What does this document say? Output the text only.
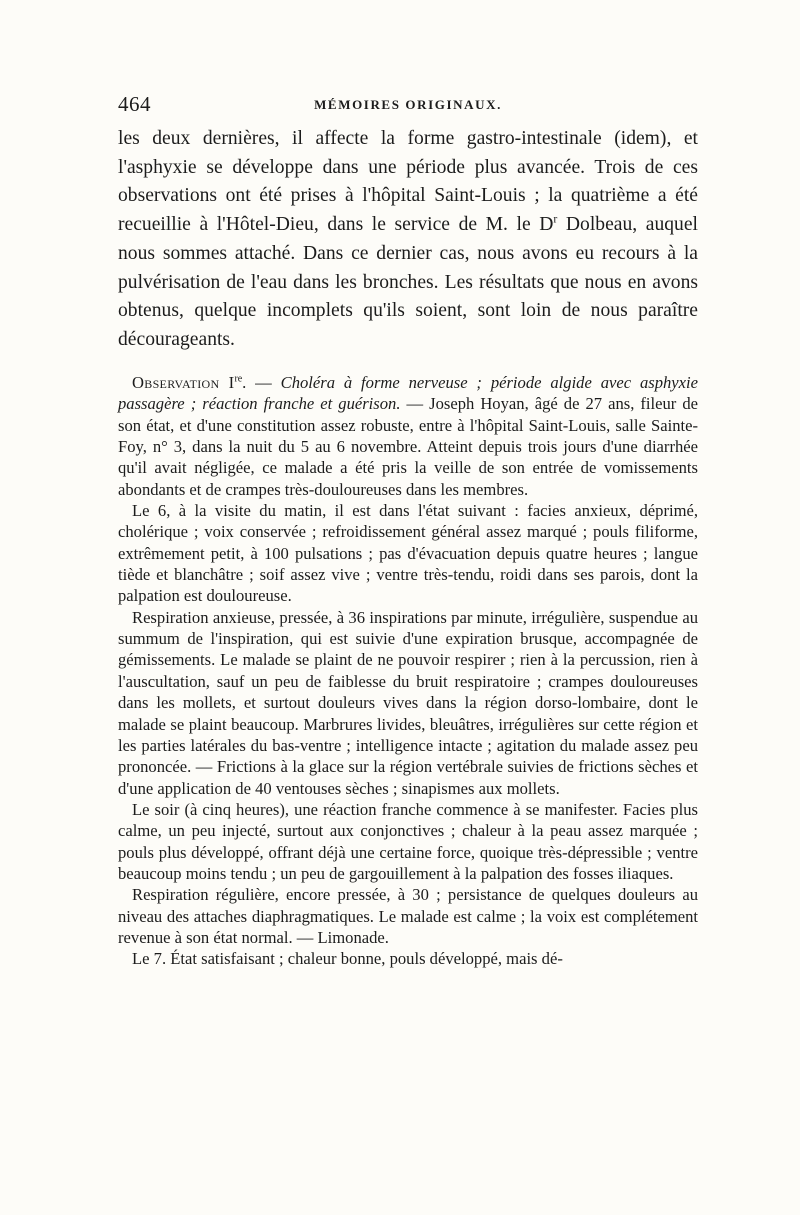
464	MÉMOIRES ORIGINAUX.

les deux dernières, il affecte la forme gastro-intestinale (idem), et l'asphyxie se développe dans une période plus avancée. Trois de ces observations ont été prises à l'hôpital Saint-Louis ; la quatrième a été recueillie à l'Hôtel-Dieu, dans le service de M. le $D^r$ Dolbeau, auquel nous sommes attaché. Dans ce dernier cas, nous avons eu recours à la pulvérisation de l'eau dans les bronches. Les résultats que nous en avons obtenus, quelque incomplets qu'ils soient, sont loin de nous paraître décourageants.

Observation Ire. — Choléra à forme nerveuse ; période algide avec asphyxie passagère ; réaction franche et guérison. — Joseph Hoyan, âgé de 27 ans, fileur de son état, et d'une constitution assez robuste, entre à l'hôpital Saint-Louis, salle Sainte-Foy, n° 3, dans la nuit du 5 au 6 novembre. Atteint depuis trois jours d'une diarrhée qu'il avait négligée, ce malade a été pris la veille de son entrée de vomissements abondants et de crampes très-douloureuses dans les membres.

Le 6, à la visite du matin, il est dans l'état suivant : facies anxieux, déprimé, cholérique ; voix conservée ; refroidissement général assez marqué ; pouls filiforme, extrêmement petit, à 100 pulsations ; pas d'évacuation depuis quatre heures ; langue tiède et blanchâtre ; soif assez vive ; ventre très-tendu, roidi dans ses parois, dont la palpation est douloureuse.

Respiration anxieuse, pressée, à 36 inspirations par minute, irrégulière, suspendue au summum de l'inspiration, qui est suivie d'une expiration brusque, accompagnée de gémissements. Le malade se plaint de ne pouvoir respirer ; rien à la percussion, rien à l'auscultation, sauf un peu de faiblesse du bruit respiratoire ; crampes douloureuses dans les mollets, et surtout douleurs vives dans la région dorso-lombaire, dont le malade se plaint beaucoup. Marbrures livides, bleuâtres, irrégulières sur cette région et les parties latérales du bas-ventre ; intelligence intacte ; agitation du malade assez peu prononcée. — Frictions à la glace sur la région vertébrale suivies de frictions sèches et d'une application de 40 ventouses sèches ; sinapismes aux mollets.

Le soir (à cinq heures), une réaction franche commence à se manifester. Facies plus calme, un peu injecté, surtout aux conjonctives ; chaleur à la peau assez marquée ; pouls plus développé, offrant déjà une certaine force, quoique très-dépressible ; ventre beaucoup moins tendu ; un peu de gargouillement à la palpation des fosses iliaques.

Respiration régulière, encore pressée, à 30 ; persistance de quelques douleurs au niveau des attaches diaphragmatiques. Le malade est calme ; la voix est complétement revenue à son état normal. — Limonade.

Le 7. État satisfaisant ; chaleur bonne, pouls développé, mais dé-
